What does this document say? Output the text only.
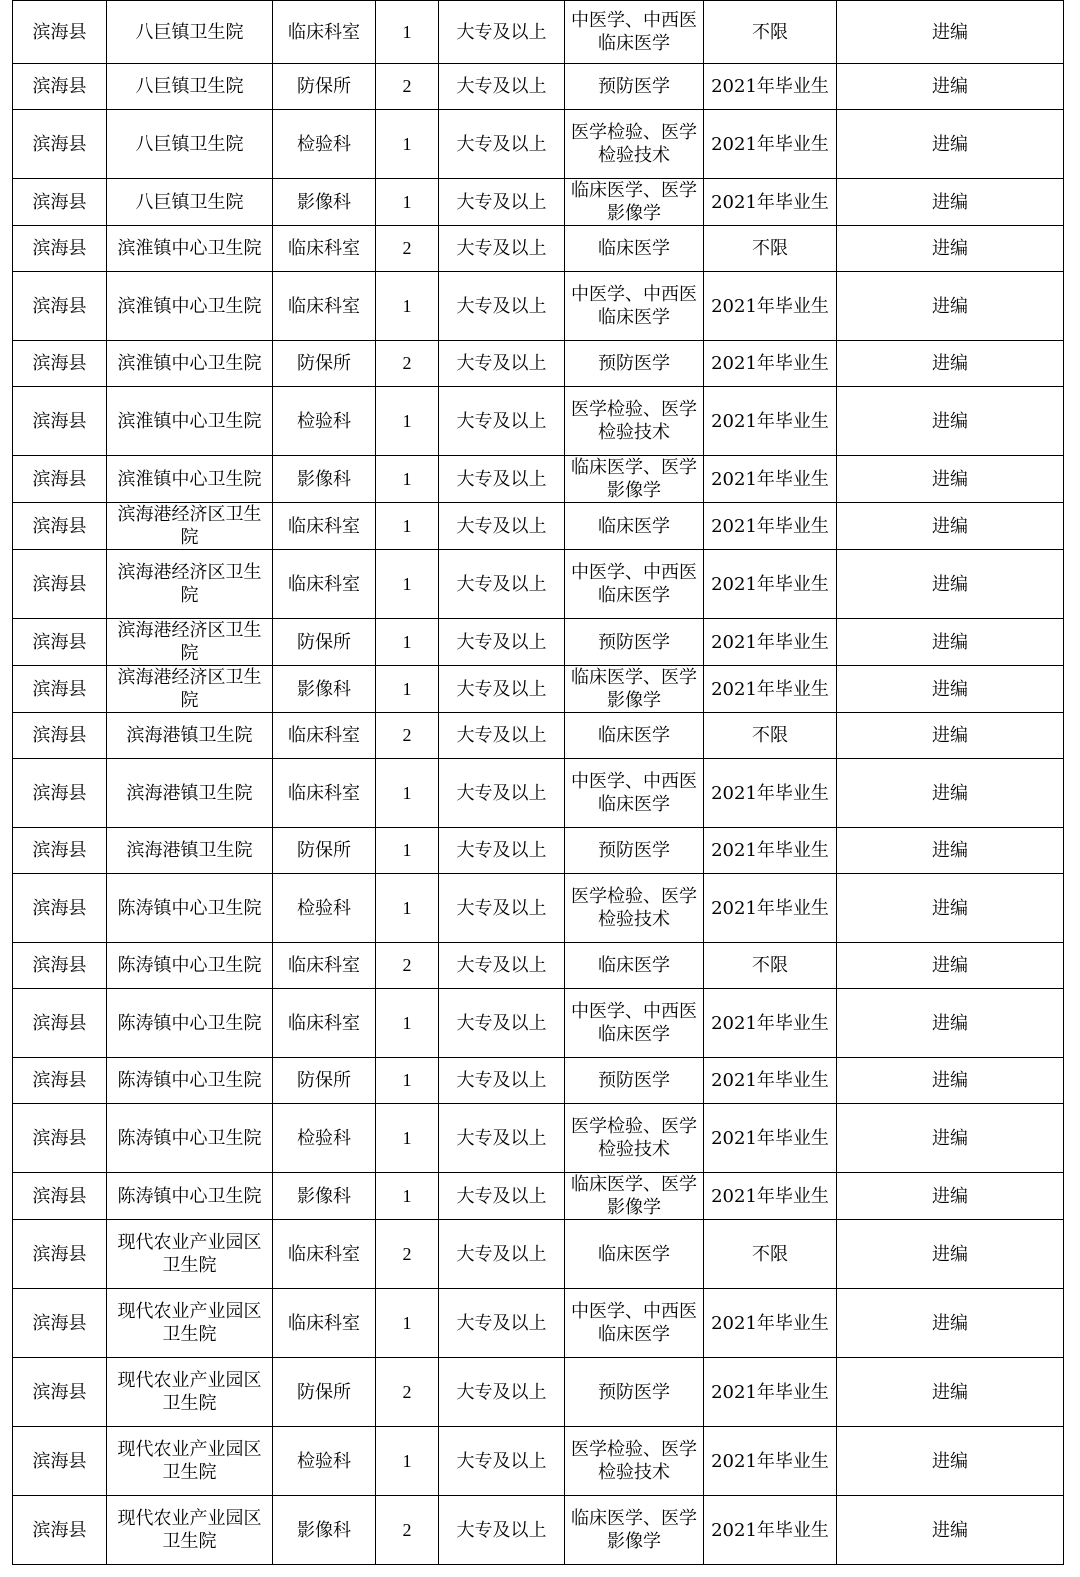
滨海县	八巨镇卫生院	临床科室	1	大专及以上	中医学、中西医临床医学	不限	进编
滨海县	八巨镇卫生院	防保所	2	大专及以上	预防医学	2021年毕业生	进编
滨海县	八巨镇卫生院	检验科	1	大专及以上	医学检验、医学检验技术	2021年毕业生	进编
滨海县	八巨镇卫生院	影像科	1	大专及以上	临床医学、医学影像学	2021年毕业生	进编
滨海县	滨淮镇中心卫生院	临床科室	2	大专及以上	临床医学	不限	进编
滨海县	滨淮镇中心卫生院	临床科室	1	大专及以上	中医学、中西医临床医学	2021年毕业生	进编
滨海县	滨淮镇中心卫生院	防保所	2	大专及以上	预防医学	2021年毕业生	进编
滨海县	滨淮镇中心卫生院	检验科	1	大专及以上	医学检验、医学检验技术	2021年毕业生	进编
滨海县	滨淮镇中心卫生院	影像科	1	大专及以上	临床医学、医学影像学	2021年毕业生	进编
滨海县	滨海港经济区卫生院	临床科室	1	大专及以上	临床医学	2021年毕业生	进编
滨海县	滨海港经济区卫生院	临床科室	1	大专及以上	中医学、中西医临床医学	2021年毕业生	进编
滨海县	滨海港经济区卫生院	防保所	1	大专及以上	预防医学	2021年毕业生	进编
滨海县	滨海港经济区卫生院	影像科	1	大专及以上	临床医学、医学影像学	2021年毕业生	进编
滨海县	滨海港镇卫生院	临床科室	2	大专及以上	临床医学	不限	进编
滨海县	滨海港镇卫生院	临床科室	1	大专及以上	中医学、中西医临床医学	2021年毕业生	进编
滨海县	滨海港镇卫生院	防保所	1	大专及以上	预防医学	2021年毕业生	进编
滨海县	陈涛镇中心卫生院	检验科	1	大专及以上	医学检验、医学检验技术	2021年毕业生	进编
滨海县	陈涛镇中心卫生院	临床科室	2	大专及以上	临床医学	不限	进编
滨海县	陈涛镇中心卫生院	临床科室	1	大专及以上	中医学、中西医临床医学	2021年毕业生	进编
滨海县	陈涛镇中心卫生院	防保所	1	大专及以上	预防医学	2021年毕业生	进编
滨海县	陈涛镇中心卫生院	检验科	1	大专及以上	医学检验、医学检验技术	2021年毕业生	进编
滨海县	陈涛镇中心卫生院	影像科	1	大专及以上	临床医学、医学影像学	2021年毕业生	进编
滨海县	现代农业产业园区卫生院	临床科室	2	大专及以上	临床医学	不限	进编
滨海县	现代农业产业园区卫生院	临床科室	1	大专及以上	中医学、中西医临床医学	2021年毕业生	进编
滨海县	现代农业产业园区卫生院	防保所	2	大专及以上	预防医学	2021年毕业生	进编
滨海县	现代农业产业园区卫生院	检验科	1	大专及以上	医学检验、医学检验技术	2021年毕业生	进编
滨海县	现代农业产业园区卫生院	影像科	2	大专及以上	临床医学、医学影像学	2021年毕业生	进编
